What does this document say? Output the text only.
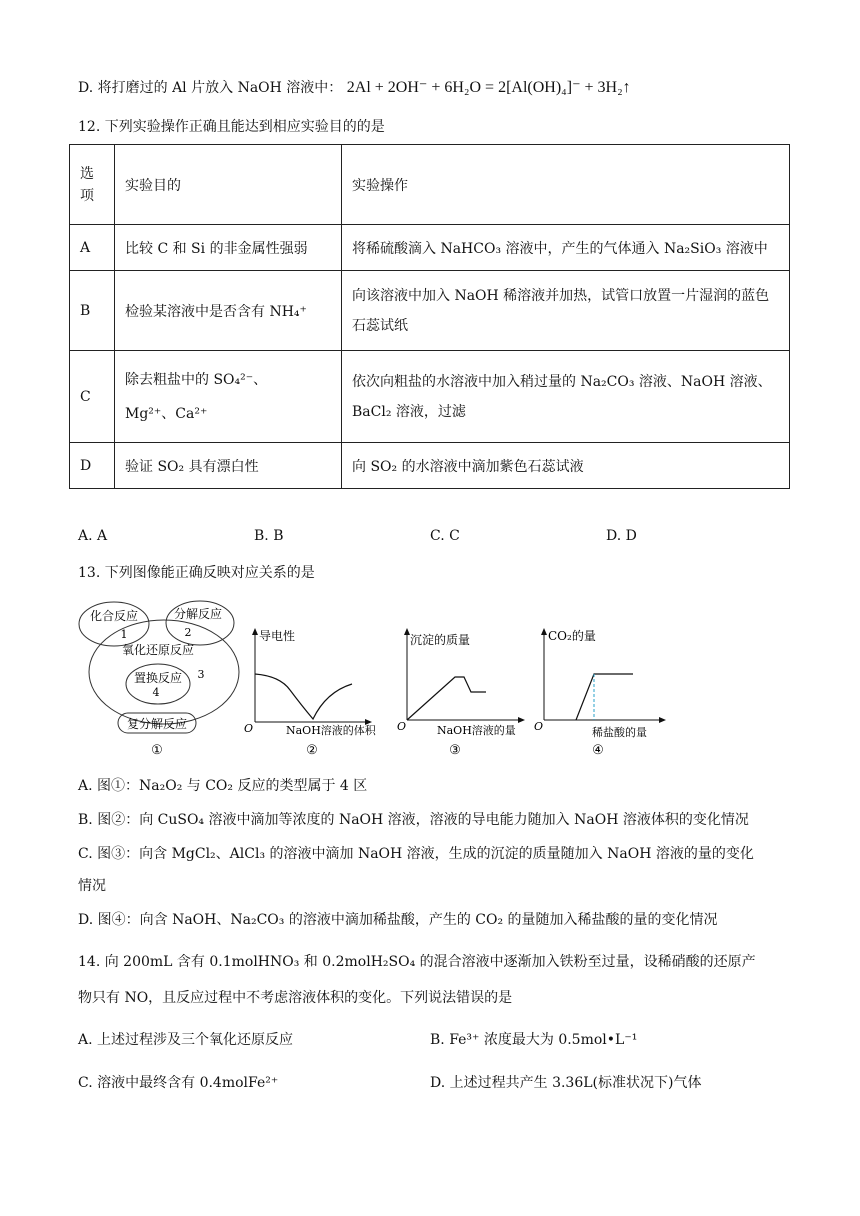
D. 将打磨过的 Al 片放入 NaOH 溶液中： 2Al + 2OH⁻ + 6H₂O = 2[Al(OH)₄]⁻ + 3H₂↑
12. 下列实验操作正确且能达到相应实验目的的是
选项	实验目的	实验操作
A	比较 C 和 Si 的非金属性强弱	将稀硫酸滴入 NaHCO₃ 溶液中，产生的气体通入 Na₂SiO₃ 溶液中
B	检验某溶液中是否含有 NH₄⁺	向该溶液中加入 NaOH 稀溶液并加热，试管口放置一片湿润的蓝色石蕊试纸

C	除去粗盐中的 SO₄²⁻、Mg²⁺、Ca²⁺	依次向粗盐的水溶液中加入稍过量的 Na₂CO₃ 溶液、NaOH 溶液、BaCl₂ 溶液，过滤

D	验证 SO₂ 具有漂白性	向 SO₂ 的水溶液中滴加紫色石蕊试液
A. A	B. B	C. C	D. D
13. 下列图像能正确反映对应关系的是
化合反应
1
分解反应
2
氧化还原反应
3
置换反应
4
复分解反应
①
导电性
O	NaOH溶液的体积
②
沉淀的质量
O	NaOH溶液的量
③
CO₂的量
O	稀盐酸的量
④
A. 图①：Na₂O₂ 与 CO₂ 反应的类型属于 4 区
B. 图②：向 CuSO₄ 溶液中滴加等浓度的 NaOH 溶液，溶液的导电能力随加入 NaOH 溶液体积的变化情况
C. 图③：向含 MgCl₂、AlCl₃ 的溶液中滴加 NaOH 溶液，生成的沉淀的质量随加入 NaOH 溶液的量的变化
情况
D. 图④：向含 NaOH、Na₂CO₃ 的溶液中滴加稀盐酸，产生的 CO₂ 的量随加入稀盐酸的量的变化情况
14. 向 200mL 含有 0.1molHNO₃ 和 0.2molH₂SO₄ 的混合溶液中逐渐加入铁粉至过量，设稀硝酸的还原产
物只有 NO，且反应过程中不考虑溶液体积的变化。下列说法错误的是
A. 上述过程涉及三个氧化还原反应	B. Fe³⁺ 浓度最大为 0.5mol•L⁻¹
C. 溶液中最终含有 0.4molFe²⁺	D. 上述过程共产生 3.36L(标准状况下)气体
